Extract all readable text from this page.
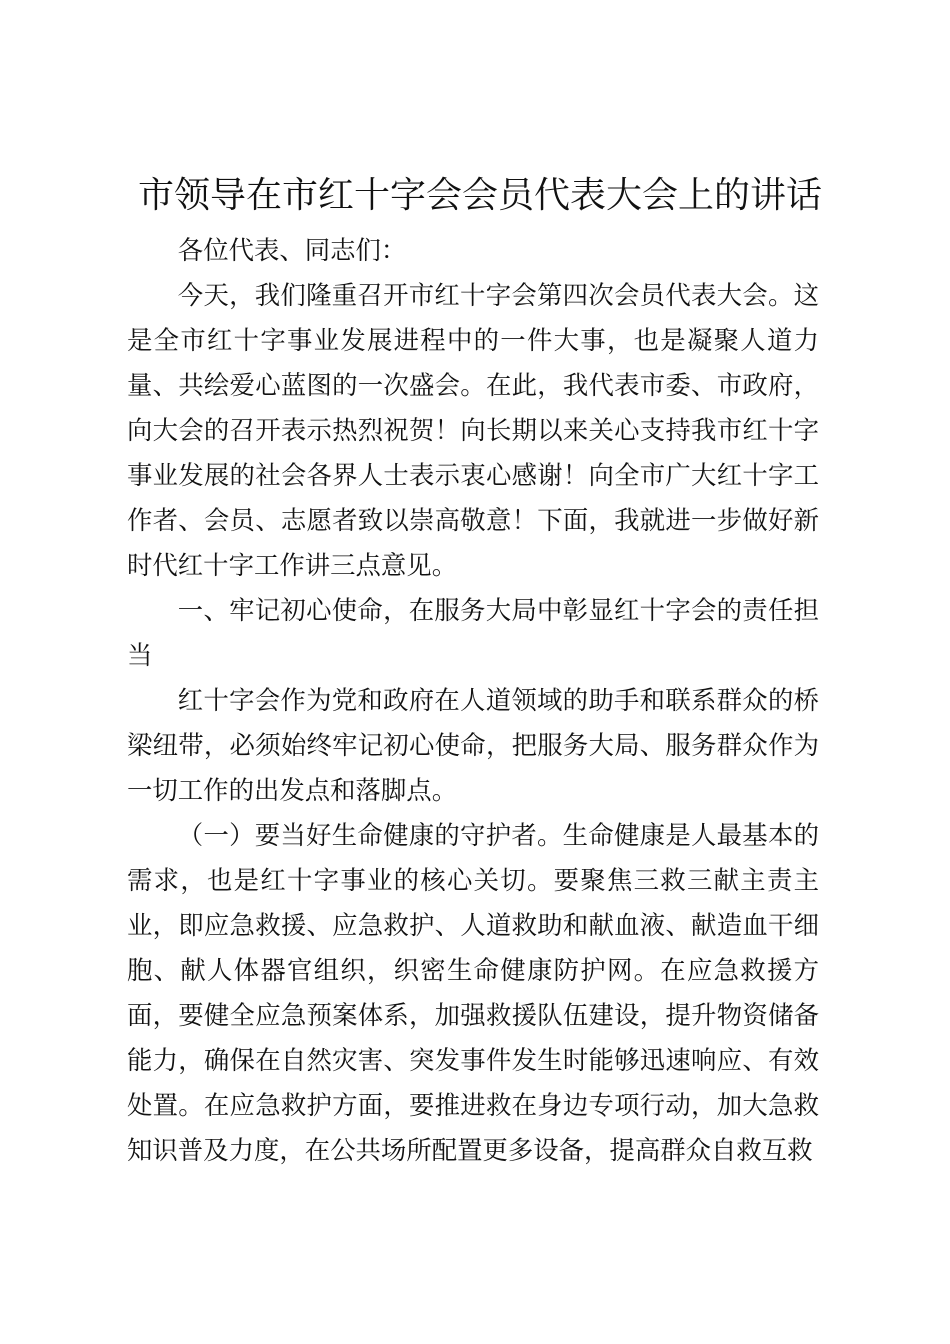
市领导在市红十字会会员代表大会上的讲话

各位代表、同志们：

今天，我们隆重召开市红十字会第四次会员代表大会。这是全市红十字事业发展进程中的一件大事，也是凝聚人道力量、共绘爱心蓝图的一次盛会。在此，我代表市委、市政府，向大会的召开表示热烈祝贺！向长期以来关心支持我市红十字事业发展的社会各界人士表示衷心感谢！向全市广大红十字工作者、会员、志愿者致以崇高敬意！下面，我就进一步做好新时代红十字工作讲三点意见。

一、牢记初心使命，在服务大局中彰显红十字会的责任担当

红十字会作为党和政府在人道领域的助手和联系群众的桥梁纽带，必须始终牢记初心使命，把服务大局、服务群众作为一切工作的出发点和落脚点。

（一）要当好生命健康的守护者。生命健康是人最基本的需求，也是红十字事业的核心关切。要聚焦三救三献主责主业，即应急救援、应急救护、人道救助和献血液、献造血干细胞、献人体器官组织，织密生命健康防护网。在应急救援方面，要健全应急预案体系，加强救援队伍建设，提升物资储备能力，确保在自然灾害、突发事件发生时能够迅速响应、有效处置。在应急救护方面，要推进救在身边专项行动，加大急救知识普及力度，在公共场所配置更多设备，提高群众自救互救
